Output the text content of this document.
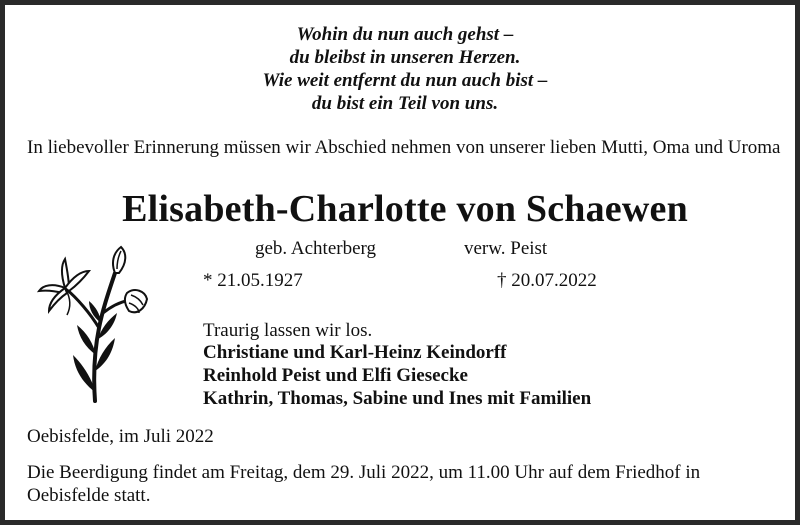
Wohin du nun auch gehst –
du bleibst in unseren Herzen.
Wie weit entfernt du nun auch bist –
du bist ein Teil von uns.
In liebevoller Erinnerung müssen wir Abschied nehmen von unserer lieben Mutti, Oma und Uroma
Elisabeth-Charlotte von Schaewen
geb. Achterberg	verw. Peist
* 21.05.1927	† 20.07.2022
Traurig lassen wir los.
Christiane und Karl-Heinz Keindorff
Reinhold Peist und Elfi Giesecke
Kathrin, Thomas, Sabine und Ines mit Familien
Oebisfelde, im Juli 2022
Die Beerdigung findet am Freitag, dem 29. Juli 2022, um 11.00 Uhr auf dem Friedhof in Oebisfelde statt.
